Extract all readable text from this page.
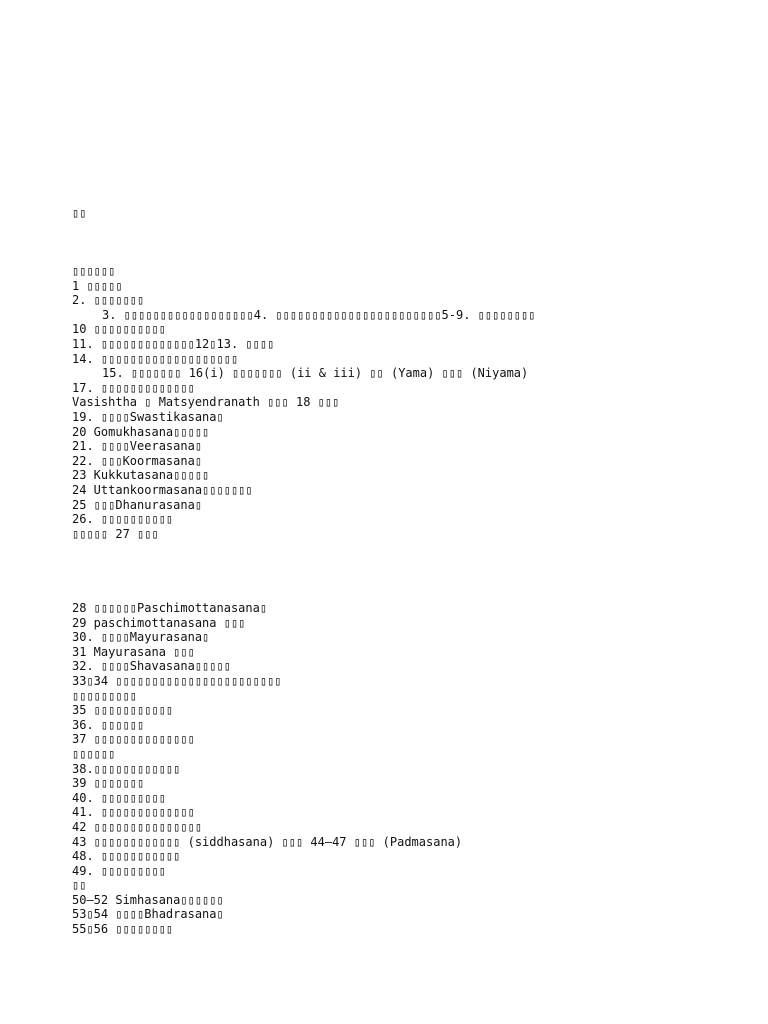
▯▯
▯▯▯▯▯▯
1 ▯▯▯▯▯
2. ▯▯▯▯▯▯▯
3. ▯▯▯▯▯▯▯▯▯▯▯▯▯▯▯▯▯▯4. ▯▯▯▯▯▯▯▯▯▯▯▯▯▯▯▯▯▯▯▯▯▯▯5-9. ▯▯▯▯▯▯▯▯
10 ▯▯▯▯▯▯▯▯▯▯
11. ▯▯▯▯▯▯▯▯▯▯▯▯▯12▯13. ▯▯▯▯
14. ▯▯▯▯▯▯▯▯▯▯▯▯▯▯▯▯▯▯▯
15. ▯▯▯▯▯▯▯ 16(i) ▯▯▯▯▯▯▯ (ii & iii) ▯▯ (Yama) ▯▯▯ (Niyama)
17. ▯▯▯▯▯▯▯▯▯▯▯▯▯
Vasishtha ▯ Matsyendranath ▯▯▯ 18 ▯▯▯
19. ▯▯▯▯Swastikasana▯
20 Gomukhasana▯▯▯▯▯
21. ▯▯▯▯Veerasana▯
22. ▯▯▯Koormasana▯
23 Kukkutasana▯▯▯▯▯
24 Uttankoormasana▯▯▯▯▯▯▯
25 ▯▯▯Dhanurasana▯
26. ▯▯▯▯▯▯▯▯▯▯
▯▯▯▯▯ 27 ▯▯▯
28 ▯▯▯▯▯▯Paschimottanasana▯
29 paschimottanasana ▯▯▯
30. ▯▯▯▯Mayurasana▯
31 Mayurasana ▯▯▯
32. ▯▯▯▯Shavasana▯▯▯▯▯
33▯34 ▯▯▯▯▯▯▯▯▯▯▯▯▯▯▯▯▯▯▯▯▯▯▯
▯▯▯▯▯▯▯▯▯
35 ▯▯▯▯▯▯▯▯▯▯▯
36. ▯▯▯▯▯▯
37 ▯▯▯▯▯▯▯▯▯▯▯▯▯▯
▯▯▯▯▯▯
38.▯▯▯▯▯▯▯▯▯▯▯▯
39 ▯▯▯▯▯▯▯
40. ▯▯▯▯▯▯▯▯▯
41. ▯▯▯▯▯▯▯▯▯▯▯▯▯
42 ▯▯▯▯▯▯▯▯▯▯▯▯▯▯▯
43 ▯▯▯▯▯▯▯▯▯▯▯▯ (siddhasana) ▯▯▯ 44–47 ▯▯▯ (Padmasana)
48. ▯▯▯▯▯▯▯▯▯▯▯
49. ▯▯▯▯▯▯▯▯▯
▯▯
50–52 Simhasana▯▯▯▯▯▯
53▯54 ▯▯▯▯Bhadrasana▯
55▯56 ▯▯▯▯▯▯▯▯
